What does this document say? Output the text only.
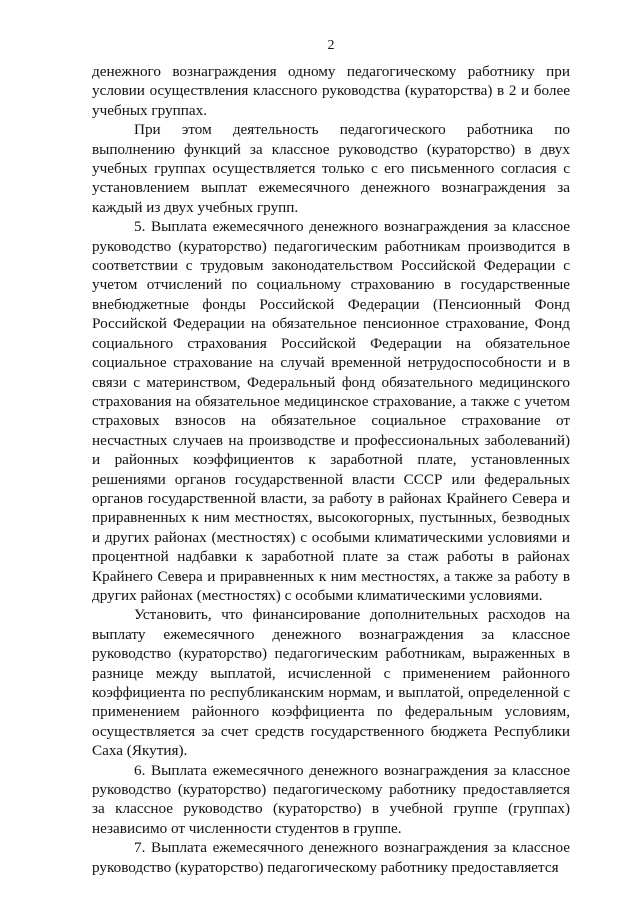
2

денежного вознаграждения одному педагогическому работнику при условии осуществления классного руководства (кураторства) в 2 и более учебных группах.

При этом деятельность педагогического работника по выполнению функций за классное руководство (кураторство) в двух учебных группах осуществляется только с его письменного согласия с установлением выплат ежемесячного денежного вознаграждения за каждый из двух учебных групп.

5. Выплата ежемесячного денежного вознаграждения за классное руководство (кураторство) педагогическим работникам производится в соответствии с трудовым законодательством Российской Федерации с учетом отчислений по социальному страхованию в государственные внебюджетные фонды Российской Федерации (Пенсионный Фонд Российской Федерации на обязательное пенсионное страхование, Фонд социального страхования Российской Федерации на обязательное социальное страхование на случай временной нетрудоспособности и в связи с материнством, Федеральный фонд обязательного медицинского страхования на обязательное медицинское страхование, а также с учетом страховых взносов на обязательное социальное страхование от несчастных случаев на производстве и профессиональных заболеваний) и районных коэффициентов к заработной плате, установленных решениями органов государственной власти СССР или федеральных органов государственной власти, за работу в районах Крайнего Севера и приравненных к ним местностях, высокогорных, пустынных, безводных и других районах (местностях) с особыми климатическими условиями и процентной надбавки к заработной плате за стаж работы в районах Крайнего Севера и приравненных к ним местностях, а также за работу в других районах (местностях) с особыми климатическими условиями.

Установить, что финансирование дополнительных расходов на выплату ежемесячного денежного вознаграждения за классное руководство (кураторство) педагогическим работникам, выраженных в разнице между выплатой, исчисленной с применением районного коэффициента по республиканским нормам, и выплатой, определенной с применением районного коэффициента по федеральным условиям, осуществляется за счет средств государственного бюджета Республики Саха (Якутия).

6. Выплата ежемесячного денежного вознаграждения за классное руководство (кураторство) педагогическому работнику предоставляется за классное руководство (кураторство) в учебной группе (группах) независимо от численности студентов в группе.

7. Выплата ежемесячного денежного вознаграждения за классное руководство (кураторство) педагогическому работнику предоставляется
